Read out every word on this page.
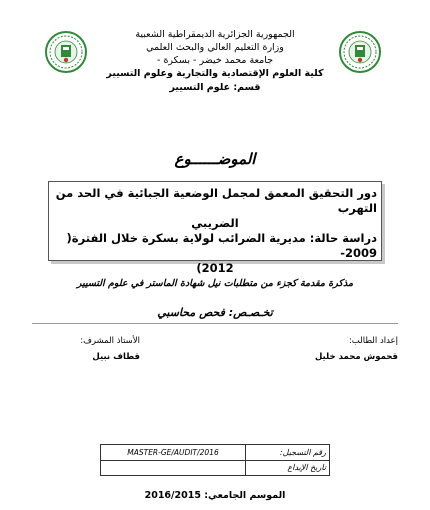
الجمهورية الجزائرية الديمقراطية الشعبية
وزارة التعليم العالي والبحث العلمي
جامعة محمد خيضر - بسكرة -
كلية العلوم الإقتصادية والتجارية وعلوم التسيير
قسم: علوم التسيير
الموضــــــوع
دور التحقيق المعمق لمجمل الوضعية الجبائية في الحد من التهرب
الضريبي
دراسة حالة: مديرية الضرائب لولاية بسكرة خلال الفترة( 2009-
2012)
مذكرة مقدمة كجزء من متطلبات نيل شهادة الماستر في علوم التسيير
تخـصـص: فحص محاسبي
إعداد الطالب:
قحموش محمد خليل
الأستاذ المشرف:
قطاف نبيل
رقم التسجيل:
MASTER-GE/AUDIT/2016
تاريخ الإيداع
الموسم الجامعي: 2016/2015
